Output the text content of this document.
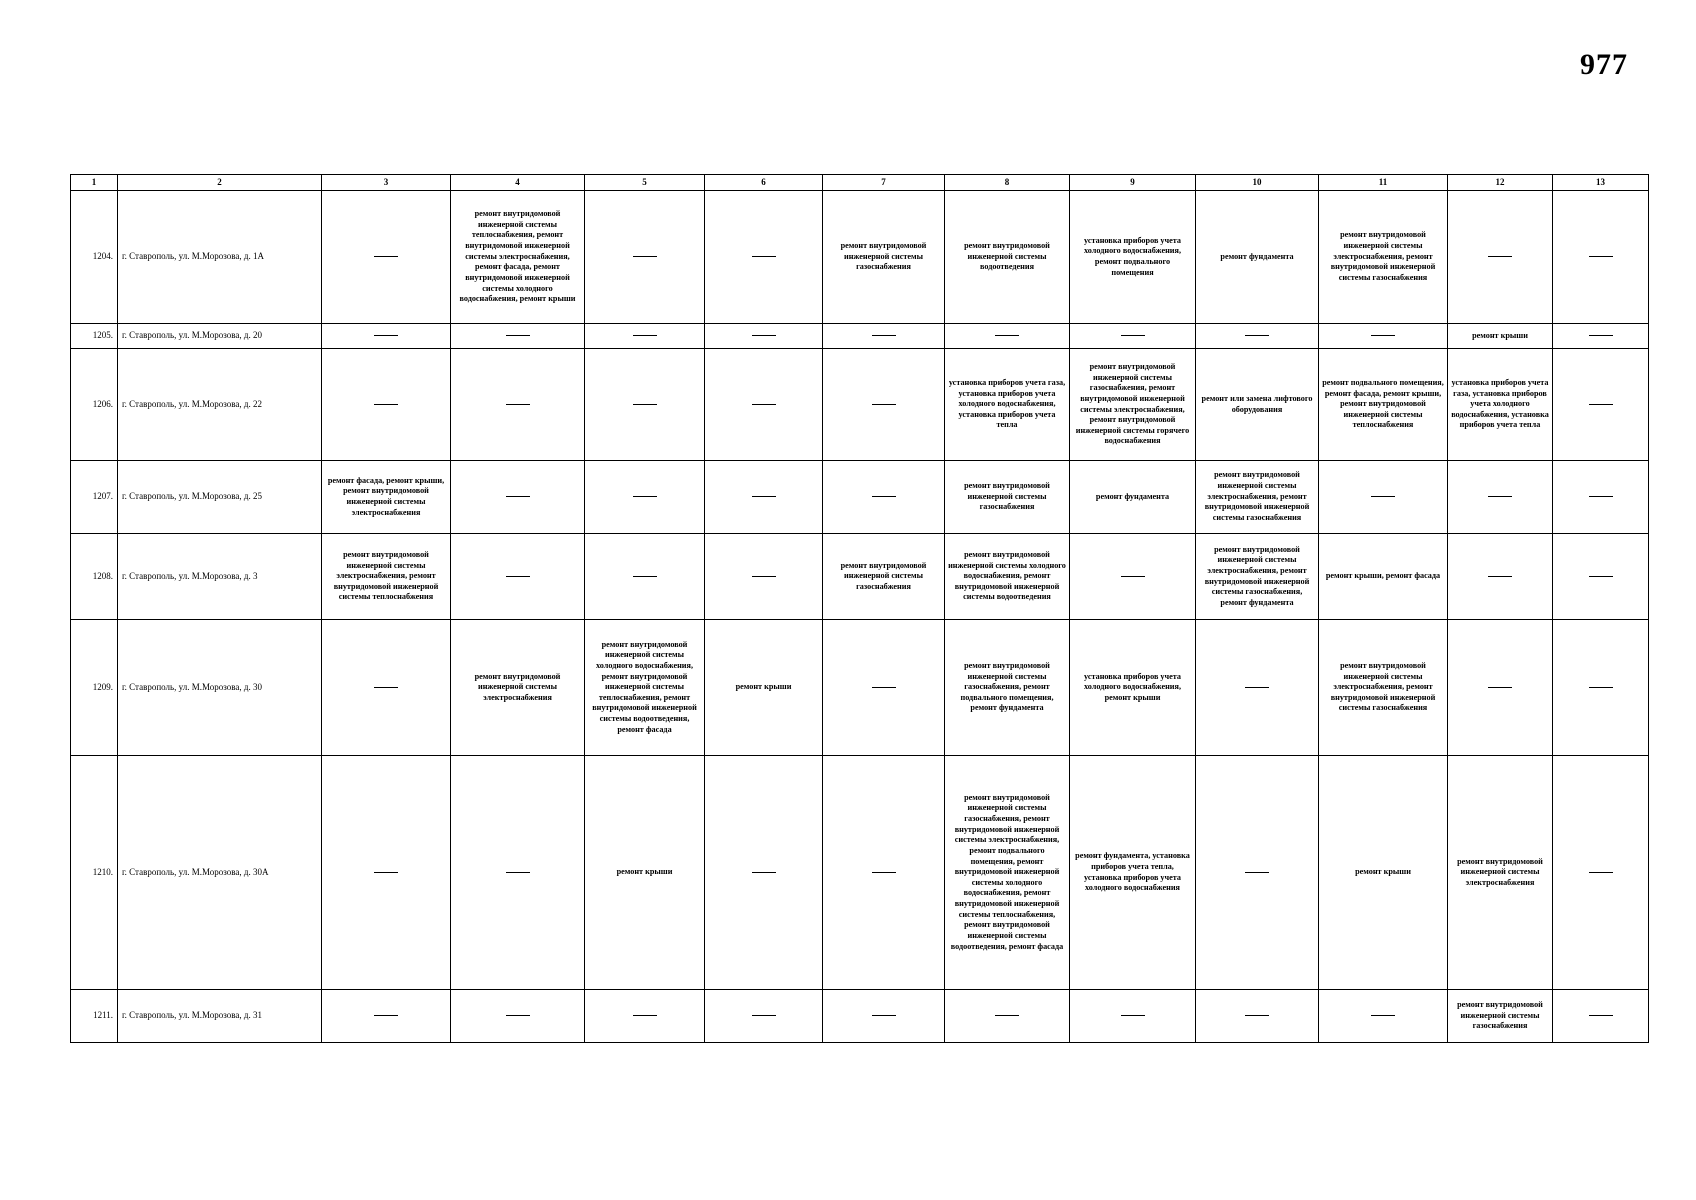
977
1	2	3	4	5	6	7	8	9	10	11	12	13
1204.	г. Ставрополь, ул. М.Морозова, д. 1А		ремонт внутридомовой инженерной системы теплоснабжения, ремонт внутридомовой инженерной системы электроснабжения, ремонт фасада, ремонт внутридомовой инженерной системы холодного водоснабжения, ремонт крыши			ремонт внутридомовой инженерной системы газоснабжения	ремонт внутридомовой инженерной системы водоотведения	установка приборов учета холодного водоснабжения, ремонт подвального помещения	ремонт фундамента	ремонт внутридомовой инженерной системы электроснабжения, ремонт внутридомовой инженерной системы газоснабжения		
1205.	г. Ставрополь, ул. М.Морозова, д. 20										ремонт крыши	
1206.	г. Ставрополь, ул. М.Морозова, д. 22						установка приборов учета газа, установка приборов учета холодного водоснабжения, установка приборов учета тепла	ремонт внутридомовой инженерной системы газоснабжения, ремонт внутридомовой инженерной системы электроснабжения, ремонт внутридомовой инженерной системы горячего водоснабжения	ремонт или замена лифтового оборудования	ремонт подвального помещения, ремонт фасада, ремонт крыши, ремонт внутридомовой инженерной системы теплоснабжения	установка приборов учета газа, установка приборов учета холодного водоснабжения, установка приборов учета тепла	
1207.	г. Ставрополь, ул. М.Морозова, д. 25	ремонт фасада, ремонт крыши, ремонт внутридомовой инженерной системы электроснабжения					ремонт внутридомовой инженерной системы газоснабжения	ремонт фундамента	ремонт внутридомовой инженерной системы электроснабжения, ремонт внутридомовой инженерной системы газоснабжения			
1208.	г. Ставрополь, ул. М.Морозова, д. 3	ремонт внутридомовой инженерной системы электроснабжения, ремонт внутридомовой инженерной системы теплоснабжения				ремонт внутридомовой инженерной системы газоснабжения	ремонт внутридомовой инженерной системы холодного водоснабжения, ремонт внутридомовой инженерной системы водоотведения		ремонт внутридомовой инженерной системы электроснабжения, ремонт внутридомовой инженерной системы газоснабжения, ремонт фундамента	ремонт крыши, ремонт фасада		
1209.	г. Ставрополь, ул. М.Морозова, д. 30		ремонт внутридомовой инженерной системы электроснабжения	ремонт внутридомовой инженерной системы холодного водоснабжения, ремонт внутридомовой инженерной системы теплоснабжения, ремонт внутридомовой инженерной системы водоотведения, ремонт фасада	ремонт крыши		ремонт внутридомовой инженерной системы газоснабжения, ремонт подвального помещения, ремонт фундамента	установка приборов учета холодного водоснабжения, ремонт крыши		ремонт внутридомовой инженерной системы электроснабжения, ремонт внутридомовой инженерной системы газоснабжения		
1210.	г. Ставрополь, ул. М.Морозова, д. 30А			ремонт крыши			ремонт внутридомовой инженерной системы газоснабжения, ремонт внутридомовой инженерной системы электроснабжения, ремонт подвального помещения, ремонт внутридомовой инженерной системы холодного водоснабжения, ремонт внутридомовой инженерной системы теплоснабжения, ремонт внутридомовой инженерной системы водоотведения, ремонт фасада	ремонт фундамента, установка приборов учета тепла, установка приборов учета холодного водоснабжения		ремонт крыши	ремонт внутридомовой инженерной системы электроснабжения	
1211.	г. Ставрополь, ул. М.Морозова, д. 31										ремонт внутридомовой инженерной системы газоснабжения	
